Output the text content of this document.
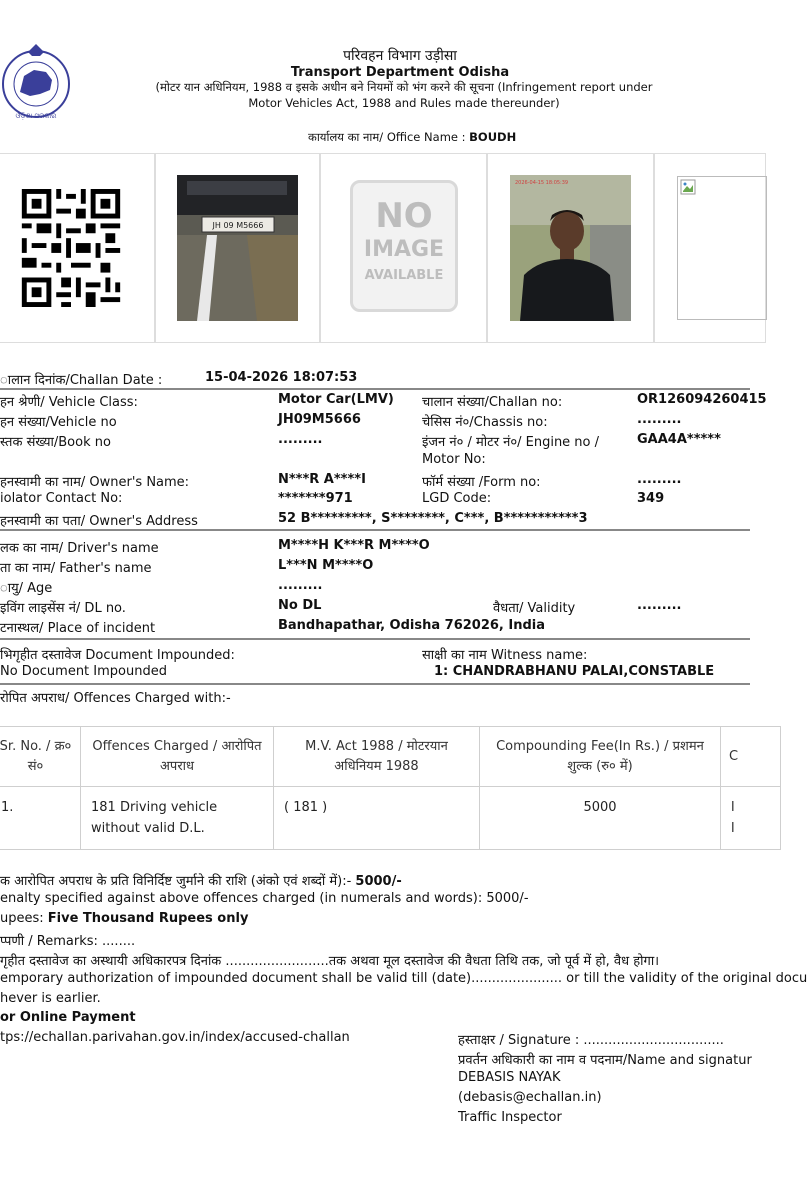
ଓଡ଼ିଶା ସରକାର
परिवहन विभाग उड़ीसा
Transport Department Odisha
(मोटर यान अधिनियम, 1988 व इसके अधीन बने नियमों को भंग करने की सूचना (Infringement report under
Motor Vehicles Act, 1988 and Rules made thereunder)
कार्यालय का नाम/ Office Name : BOUDH
JH 09 M5666	NO
IMAGE
AVAILABLE
2026-04-15 18:05:39
ालान दिनांक/Challan Date :	15-04-2026 18:07:53
हन श्रेणी/ Vehicle Class:	Motor Car(LMV) चालान संख्या/Challan no:	OR126094260415
हन संख्या/Vehicle no	JH09M5666	चेसिस नं०/Chassis no:	.........
स्तक संख्या/Book no	.........	इंजन नं० / मोटर नं०/ Engine no /	GAA4A*****
Motor No:
हनस्वामी का नाम/ Owner's Name:	N***R A****I	फॉर्म संख्या /Form no:	.........
iolator Contact No:	*******971	LGD Code:	349
हनस्वामी का पता/ Owner's Address	52 B*********, S********, C***, B***********3
लक का नाम/ Driver's name	M****H K***R M****O
ता का नाम/ Father's name	L***N M****O
ायु/ Age	.........
इविंग लाइसेंस नं/ DL no.	No DL	वैधता/ Validity	.........
टनास्थल/ Place of incident	Bandhapathar, Odisha 762026, India
भिगृहीत दस्तावेज Document Impounded:	साक्षी का नाम Witness name:
No Document Impounded	1: CHANDRABHANU PALAI,CONSTABLE
रोपित अपराध/ Offences Charged with:-
Sr. No. / क्र० सं०	Offences Charged / आरोपित अपराध	M.V. Act 1988 / मोटरयान अधिनियम 1988	Compounding Fee(In Rs.) / प्रशमन शुल्क (रु० में)	C
1.	181 Driving vehicle without valid D.L.	( 181 )	5000	l
l
क आरोपित अपराध के प्रति विनिर्दिष्ट जुर्माने की राशि (अंको एवं शब्दों में):- 5000/-
enalty specified against above offences charged (in numerals and words): 5000/-
upees: Five Thousand Rupees only
प्पणी / Remarks: ........
गृहीत दस्तावेज का अस्थायी अधिकारपत्र दिनांक .........................तक अथवा मूल दस्तावेज की वैधता तिथि तक, जो पूर्व में हो, वैध होगा।
emporary authorization of impounded document shall be valid till (date)...................... or till the validity of the original docu
hever is earlier.
or Online Payment
tps://echallan.parivahan.gov.in/index/accused-challan	हस्ताक्षर / Signature : ..................................
प्रवर्तन अधिकारी का नाम व पदनाम/Name and signatur
DEBASIS NAYAK
(debasis@echallan.in)
Traffic Inspector
